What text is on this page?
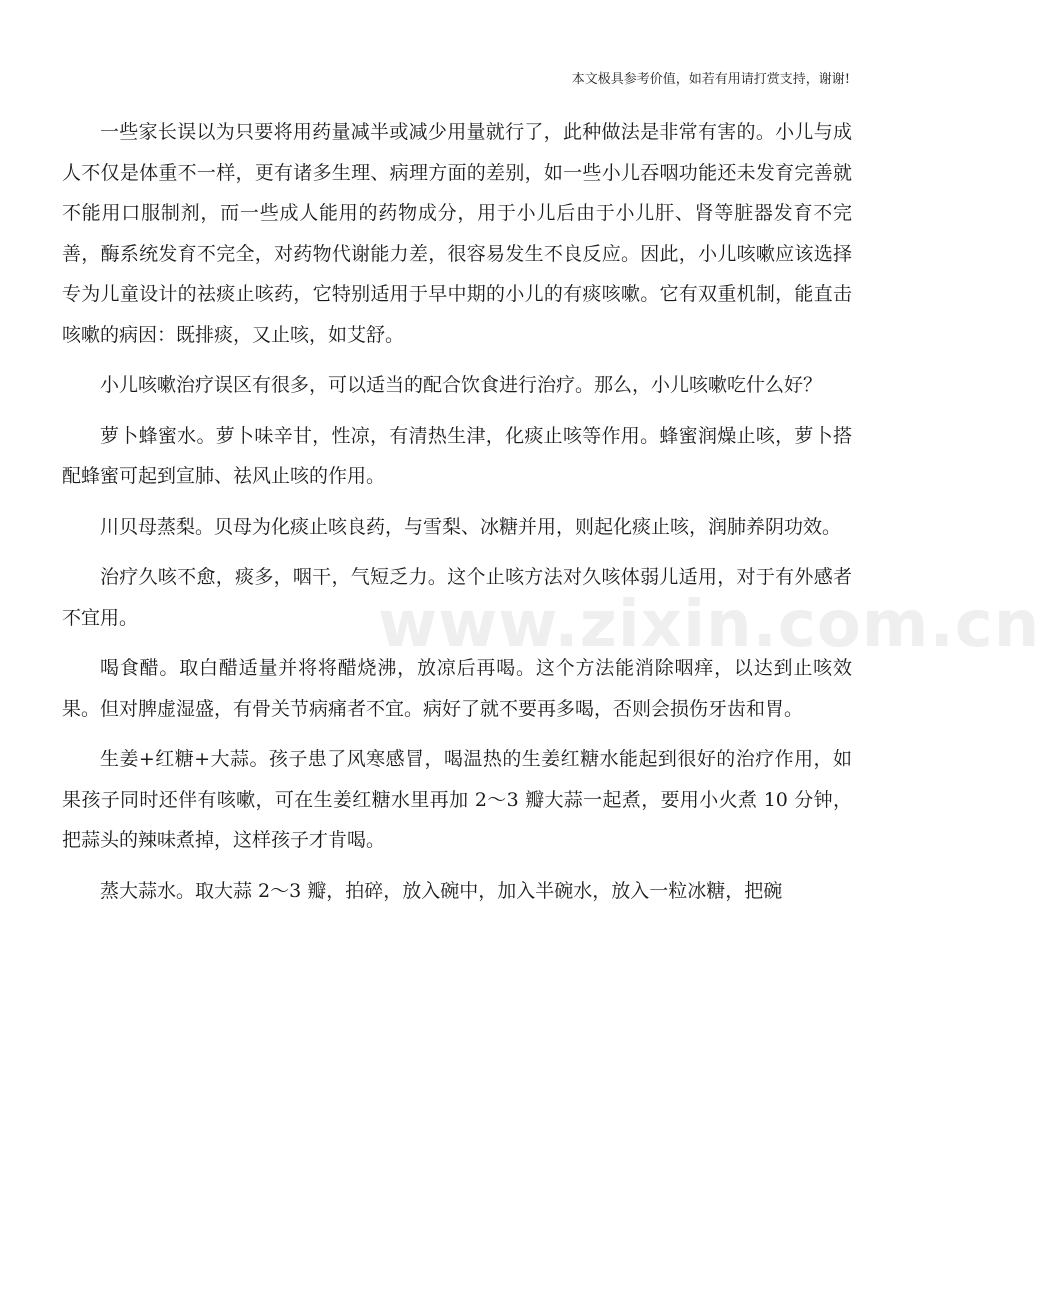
本文极具参考价值，如若有用请打赏支持，谢谢!
www.zixin.com.cn

一些家长误以为只要将用药量减半或减少用量就行了，此种做法是非常有害的。小儿与成人不仅是体重不一样，更有诸多生理、病理方面的差别，如一些小儿吞咽功能还未发育完善就不能用口服制剂，而一些成人能用的药物成分，用于小儿后由于小儿肝、肾等脏器发育不完善，酶系统发育不完全，对药物代谢能力差，很容易发生不良反应。因此，小儿咳嗽应该选择专为儿童设计的祛痰止咳药，它特别适用于早中期的小儿的有痰咳嗽。它有双重机制，能直击咳嗽的病因：既排痰，又止咳，如艾舒。

小儿咳嗽治疗误区有很多，可以适当的配合饮食进行治疗。那么，小儿咳嗽吃什么好？

萝卜蜂蜜水。萝卜味辛甘，性凉，有清热生津，化痰止咳等作用。蜂蜜润燥止咳，萝卜搭配蜂蜜可起到宣肺、祛风止咳的作用。

川贝母蒸梨。贝母为化痰止咳良药，与雪梨、冰糖并用，则起化痰止咳，润肺养阴功效。

治疗久咳不愈，痰多，咽干，气短乏力。这个止咳方法对久咳体弱儿适用，对于有外感者不宜用。

喝食醋。取白醋适量并将将醋烧沸，放凉后再喝。这个方法能消除咽痒，以达到止咳效果。但对脾虚湿盛，有骨关节病痛者不宜。病好了就不要再多喝，否则会损伤牙齿和胃。

生姜+红糖+大蒜。孩子患了风寒感冒，喝温热的生姜红糖水能起到很好的治疗作用，如果孩子同时还伴有咳嗽，可在生姜红糖水里再加 2～3 瓣大蒜一起煮，要用小火煮 10 分钟，把蒜头的辣味煮掉，这样孩子才肯喝。

蒸大蒜水。取大蒜 2～3 瓣，拍碎，放入碗中，加入半碗水，放入一粒冰糖，把碗
